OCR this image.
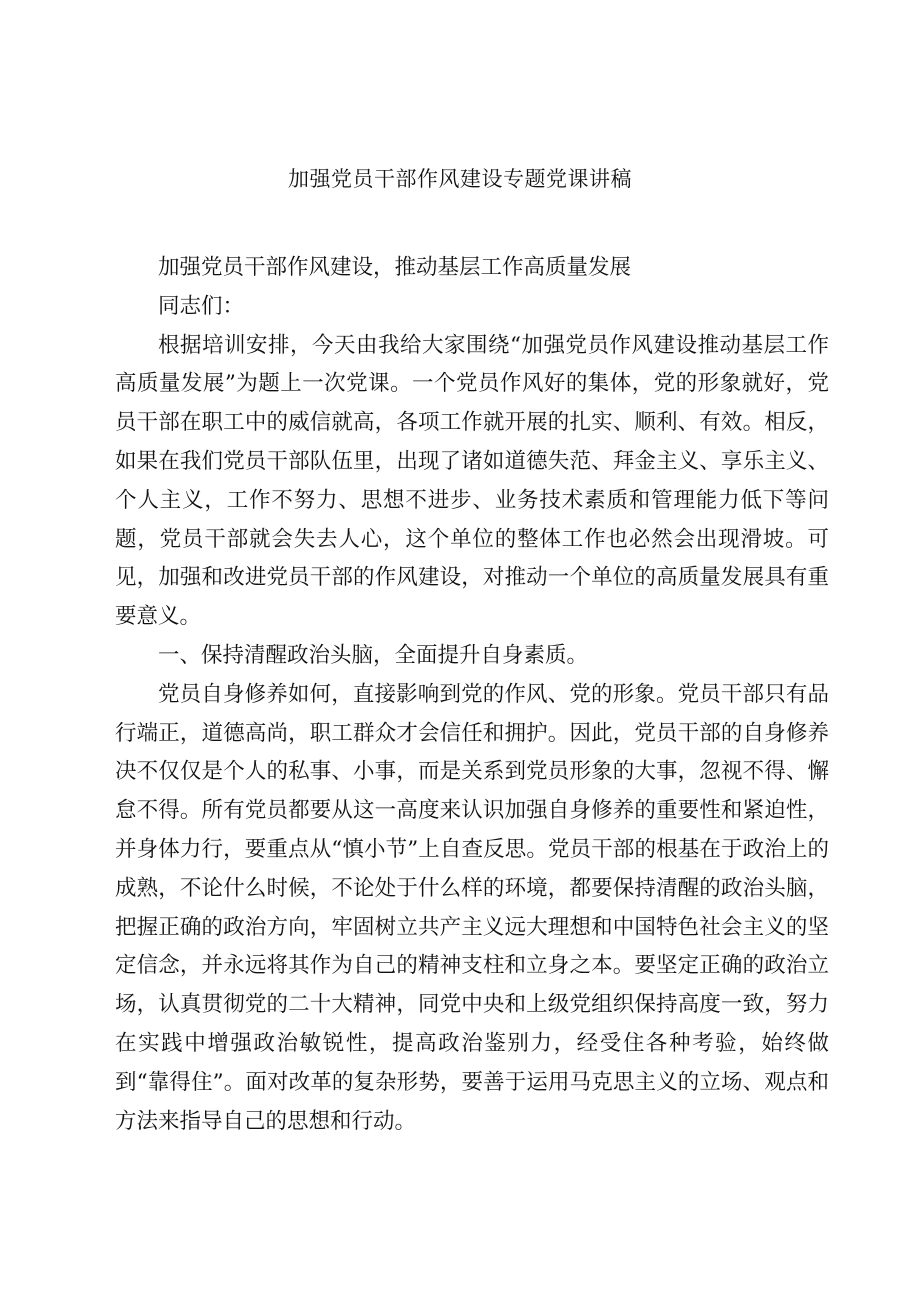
加强党员干部作风建设专题党课讲稿

加强党员干部作风建设，推动基层工作高质量发展

同志们：

根据培训安排，今天由我给大家围绕“加强党员作风建设推动基层工作高质量发展”为题上一次党课。一个党员作风好的集体，党的形象就好，党员干部在职工中的威信就高，各项工作就开展的扎实、顺利、有效。相反，如果在我们党员干部队伍里，出现了诸如道德失范、拜金主义、享乐主义、个人主义，工作不努力、思想不进步、业务技术素质和管理能力低下等问题，党员干部就会失去人心，这个单位的整体工作也必然会出现滑坡。可见，加强和改进党员干部的作风建设，对推动一个单位的高质量发展具有重要意义。

一、保持清醒政治头脑，全面提升自身素质。

党员自身修养如何，直接影响到党的作风、党的形象。党员干部只有品行端正，道德高尚，职工群众才会信任和拥护。因此，党员干部的自身修养决不仅仅是个人的私事、小事，而是关系到党员形象的大事，忽视不得、懈怠不得。所有党员都要从这一高度来认识加强自身修养的重要性和紧迫性，并身体力行，要重点从“慎小节”上自查反思。党员干部的根基在于政治上的成熟，不论什么时候，不论处于什么样的环境，都要保持清醒的政治头脑，把握正确的政治方向，牢固树立共产主义远大理想和中国特色社会主义的坚定信念，并永远将其作为自己的精神支柱和立身之本。要坚定正确的政治立场，认真贯彻党的二十大精神，同党中央和上级党组织保持高度一致，努力在实践中增强政治敏锐性，提高政治鉴别力，经受住各种考验，始终做到“靠得住”。面对改革的复杂形势，要善于运用马克思主义的立场、观点和方法来指导自己的思想和行动。
